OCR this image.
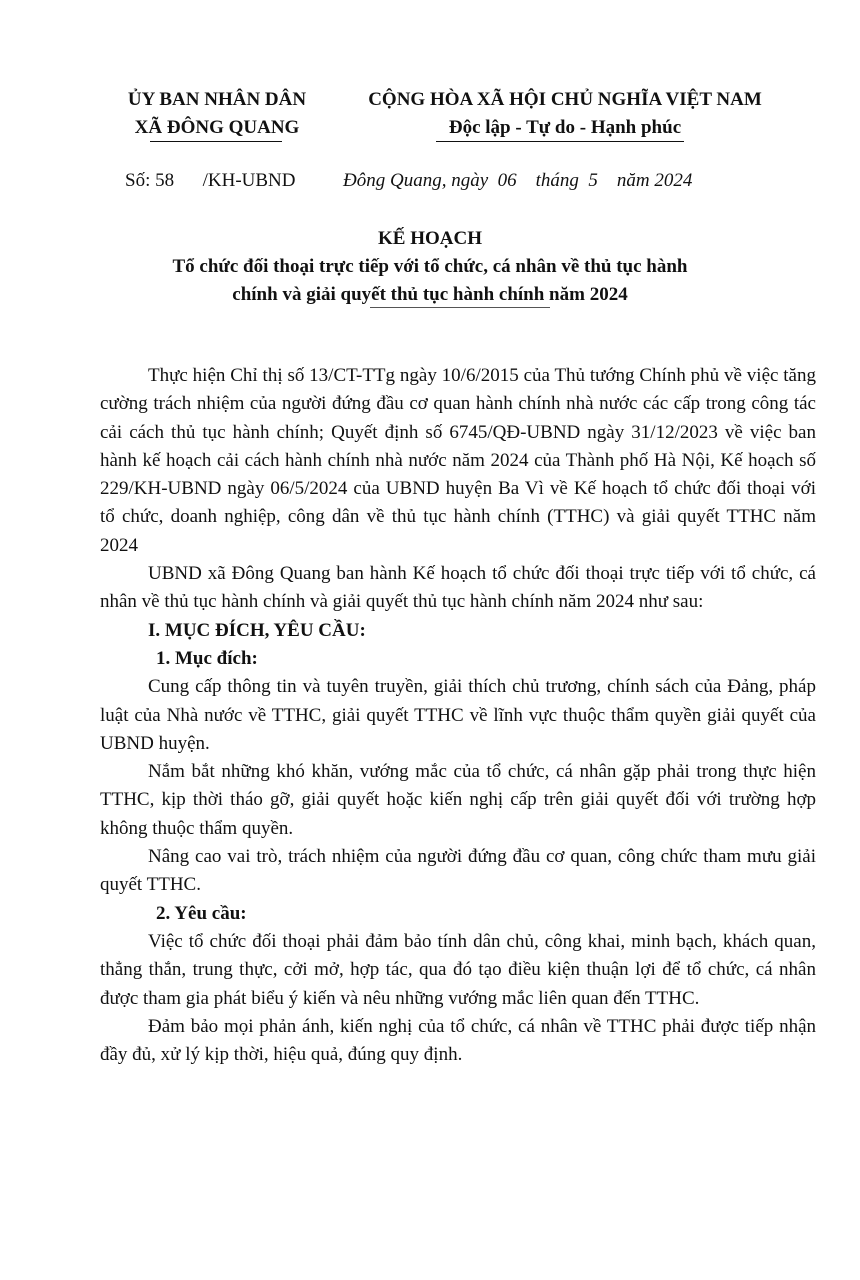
ỦY BAN NHÂN DÂN
XÃ ĐÔNG QUANG
CỘNG HÒA XÃ HỘI CHỦ NGHĨA VIỆT NAM
Độc lập - Tự do - Hạnh phúc
Số: 58      /KH-UBND	Đông Quang, ngày  06    tháng  5    năm 2024
KẾ HOẠCH
Tổ chức đối thoại trực tiếp với tổ chức, cá nhân về thủ tục hành
chính và giải quyết thủ tục hành chính năm 2024

Thực hiện Chỉ thị số 13/CT-TTg ngày 10/6/2015 của Thủ tướng Chính phủ về việc tăng cường trách nhiệm của người đứng đầu cơ quan hành chính nhà nước các cấp trong công tác cải cách thủ tục hành chính; Quyết định số 6745/QĐ-UBND ngày 31/12/2023 về việc ban hành kế hoạch cải cách hành chính nhà nước năm 2024 của Thành phố Hà Nội, Kế hoạch số 229/KH-UBND ngày 06/5/2024 của UBND huyện Ba Vì về Kế hoạch tổ chức đối thoại với tổ chức, doanh nghiệp, công dân về thủ tục hành chính (TTHC) và giải quyết TTHC năm 2024

UBND xã Đông Quang ban hành Kế hoạch tổ chức đối thoại trực tiếp với tổ chức, cá nhân về thủ tục hành chính và giải quyết thủ tục hành chính năm 2024 như sau:

I. MỤC ĐÍCH, YÊU CẦU:
1. Mục đích:

Cung cấp thông tin và tuyên truyền, giải thích chủ trương, chính sách của Đảng, pháp luật của Nhà nước về TTHC, giải quyết TTHC về lĩnh vực thuộc thẩm quyền giải quyết của UBND huyện.

Nắm bắt những khó khăn, vướng mắc của tổ chức, cá nhân gặp phải trong thực hiện TTHC, kịp thời tháo gỡ, giải quyết hoặc kiến nghị cấp trên giải quyết đối với trường hợp không thuộc thẩm quyền.

Nâng cao vai trò, trách nhiệm của người đứng đầu cơ quan, công chức tham mưu giải quyết TTHC.

2. Yêu cầu:

Việc tổ chức đối thoại phải đảm bảo tính dân chủ, công khai, minh bạch, khách quan, thẳng thắn, trung thực, cởi mở, hợp tác, qua đó tạo điều kiện thuận lợi để tổ chức, cá nhân được tham gia phát biểu ý kiến và nêu những vướng mắc liên quan đến TTHC.

Đảm bảo mọi phản ánh, kiến nghị của tổ chức, cá nhân về TTHC phải được tiếp nhận đầy đủ, xử lý kịp thời, hiệu quả, đúng quy định.
